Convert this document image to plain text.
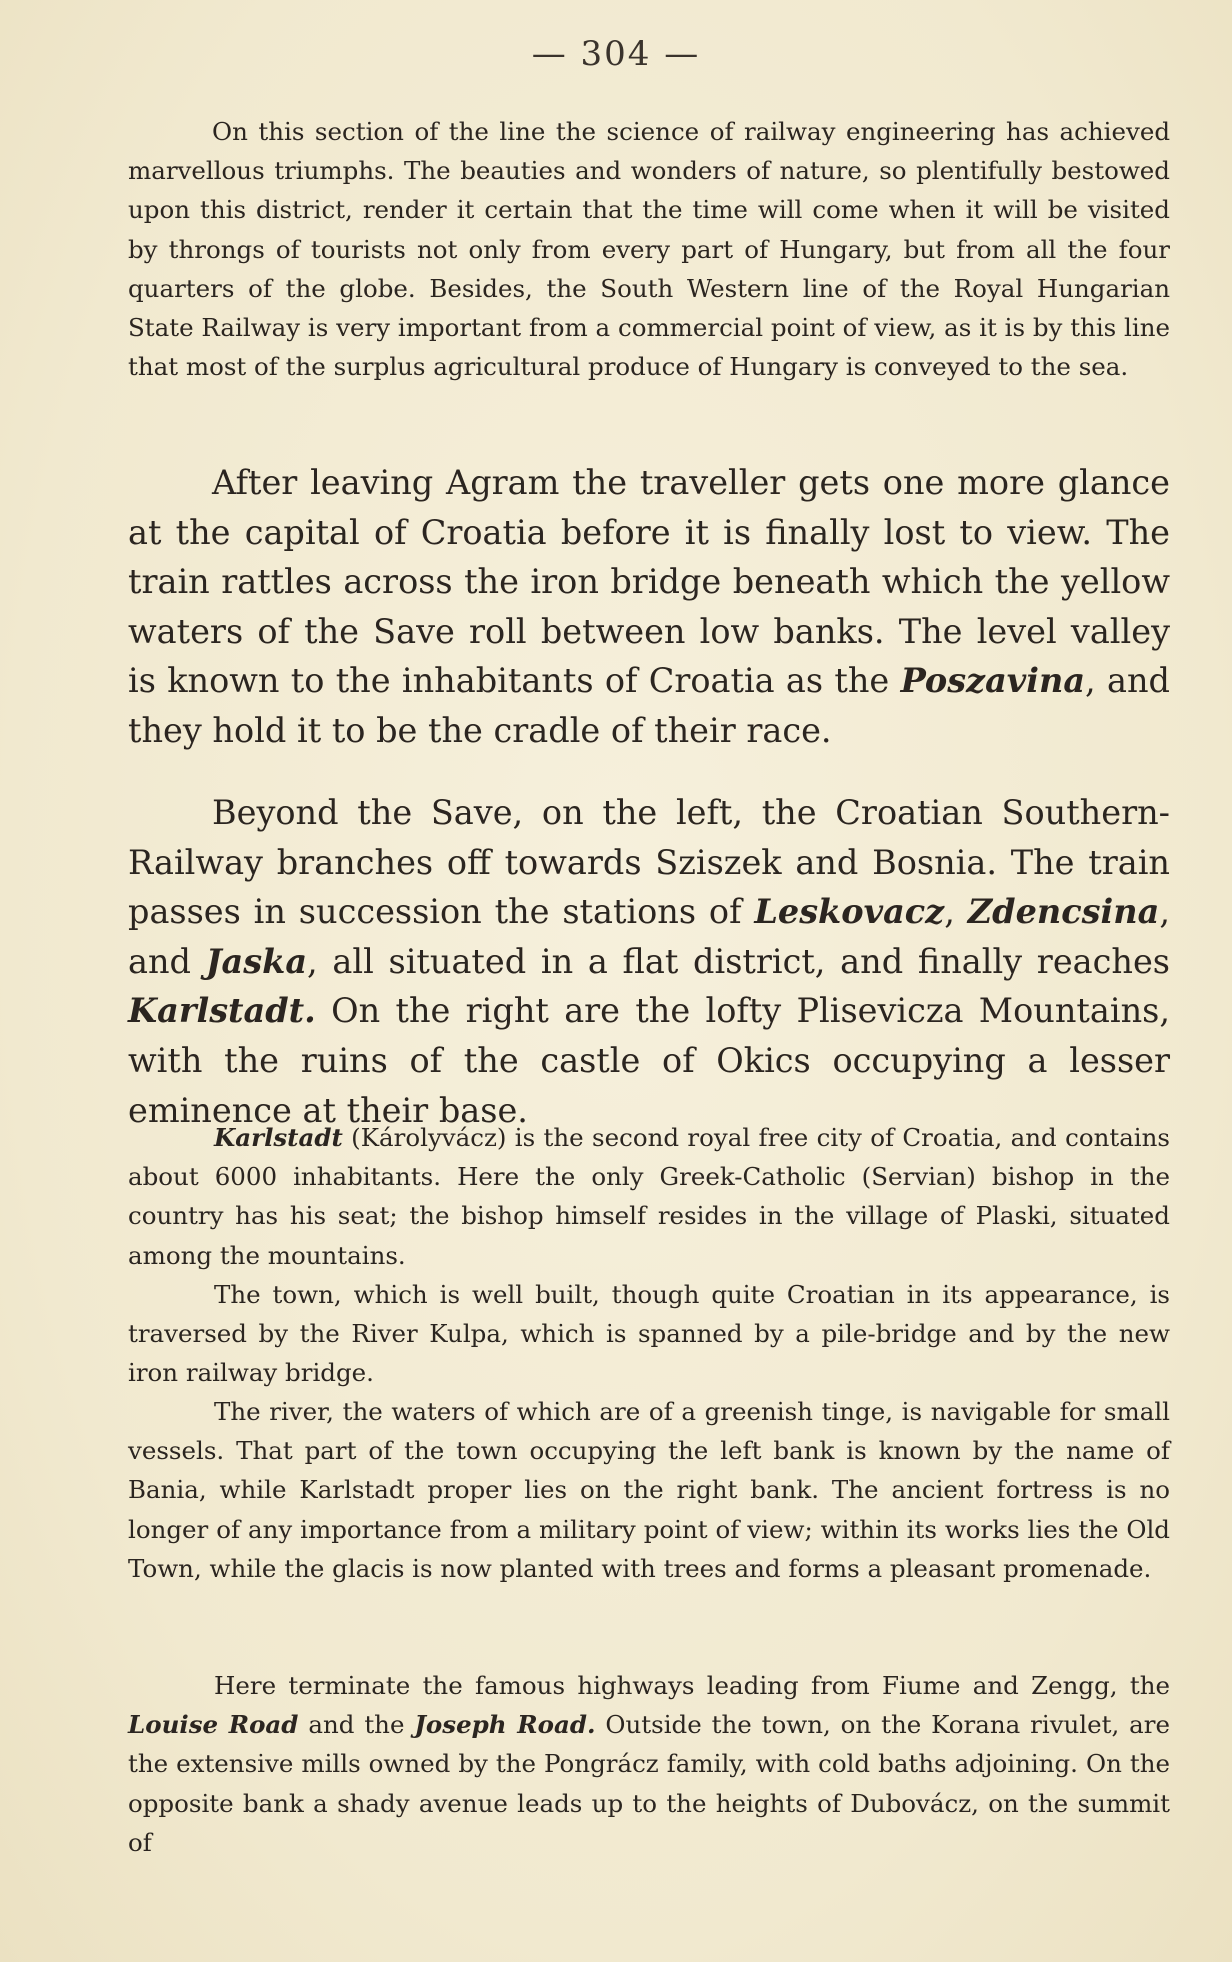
— 304 —

On this section of the line the science of railway engineering has achieved marvellous triumphs. The beauties and wonders of nature, so plentifully bestowed upon this district, render it certain that the time will come when it will be visited by throngs of tourists not only from every part of Hungary, but from all the four quarters of the globe. Besides, the South Western line of the Royal Hungarian State Railway is very important from a commercial point of view, as it is by this line that most of the surplus agricultural produce of Hungary is conveyed to the sea.

After leaving Agram the traveller gets one more glance at the capital of Croatia before it is finally lost to view. The train rattles across the iron bridge beneath which the yellow waters of the Save roll between low banks. The level valley is known to the inhabitants of Croatia as the Poszavina, and they hold it to be the cradle of their race.

Beyond the Save, on the left, the Croatian Southern-Railway branches off towards Sziszek and Bosnia. The train passes in succession the stations of Leskovacz, Zdencsina, and Jaska, all situated in a flat district, and finally reaches Karlstadt. On the right are the lofty Plisevicza Mountains, with the ruins of the castle of Okics occupying a lesser eminence at their base.

Karlstadt (Károlyvácz) is the second royal free city of Croatia, and contains about 6000 inhabitants. Here the only Greek-Catholic (Servian) bishop in the country has his seat; the bishop himself resides in the village of Plaski, situated among the mountains.

The town, which is well built, though quite Croatian in its appearance, is traversed by the River Kulpa, which is spanned by a pile-bridge and by the new iron railway bridge.

The river, the waters of which are of a greenish tinge, is navigable for small vessels. That part of the town occupying the left bank is known by the name of Bania, while Karlstadt proper lies on the right bank. The ancient fortress is no longer of any importance from a military point of view; within its works lies the Old Town, while the glacis is now planted with trees and forms a pleasant promenade.

Here terminate the famous highways leading from Fiume and Zengg, the Louise Road and the Joseph Road. Outside the town, on the Korana rivulet, are the extensive mills owned by the Pongrácz family, with cold baths adjoining. On the opposite bank a shady avenue leads up to the heights of Dubovácz, on the summit of
